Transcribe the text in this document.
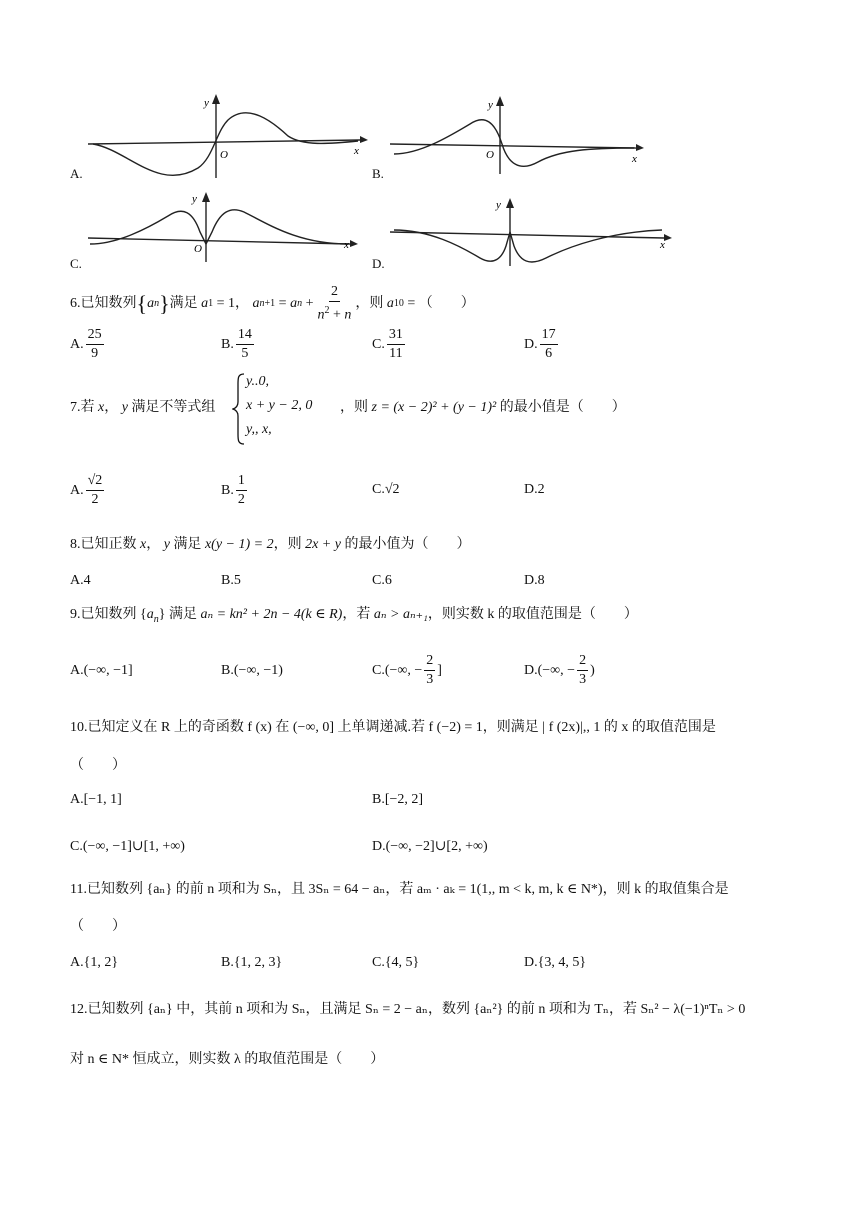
y
x
O
A.
y
x
O
B.
y
x
O
C.
y
x
D.
6.已知数列 { a n } 满足
a 1 = 1 ，
a n+1 = a $n + \frac{2}{n^2 + n}$ ，则
a 10 = （　　）
A. $\frac{25}{9}$	B. $\frac{14}{5}$	C. $\frac{31}{11}$	D. $\frac{17}{6}$
7.若 x， y 满足不等式组
y..0,
x + y − 2, 0
y,, x,
，则 z = (x − 2)² + (y − 1)² 的最小值是（　　）
A. $\frac{√2}{2}$	B. $\frac{1}{2}$	C.√2	D.2
8.已知正数 x， y 满足 x(y − 1) = 2，则 2x + y 的最小值为（　　）
A.4	B.5	C.6	D.8
9.已知数列 $\{a_n\}$ 满足 aₙ = kn² + 2n − 4(k ∈ R)，若 aₙ > aₙ₊₁，则实数 k 的取值范围是（　　）
A.(−∞, −1]	B.(−∞, −1)	C. (−∞, − $\frac{2}{3}$ ]	D. (−∞, − $\frac{2}{3}$ )
10.已知定义在 R 上的奇函数 f (x) 在 (−∞, 0] 上单调递减.若 f (−2) = 1，则满足 | f (2x)|,, 1 的 x 的取值范围是
（　　）
A.[−1, 1]	B.[−2, 2]
C.(−∞, −1]∪[1, +∞)	D.(−∞, −2]∪[2, +∞)
11.已知数列 {aₙ} 的前 n 项和为 Sₙ，且 3Sₙ = 64 − aₙ，若 aₘ · aₖ = 1(1,, m < k, m, k ∈ N*)，则 k 的取值集合是
（　　）
A.{1, 2}	B.{1, 2, 3}	C.{4, 5}	D.{3, 4, 5}
12.已知数列 {aₙ} 中，其前 n 项和为 Sₙ，且满足 Sₙ = 2 − aₙ，数列 {aₙ²} 的前 n 项和为 Tₙ，若 Sₙ² − λ(−1)ⁿTₙ > 0
对 n ∈ N* 恒成立，则实数 λ 的取值范围是（　　）
